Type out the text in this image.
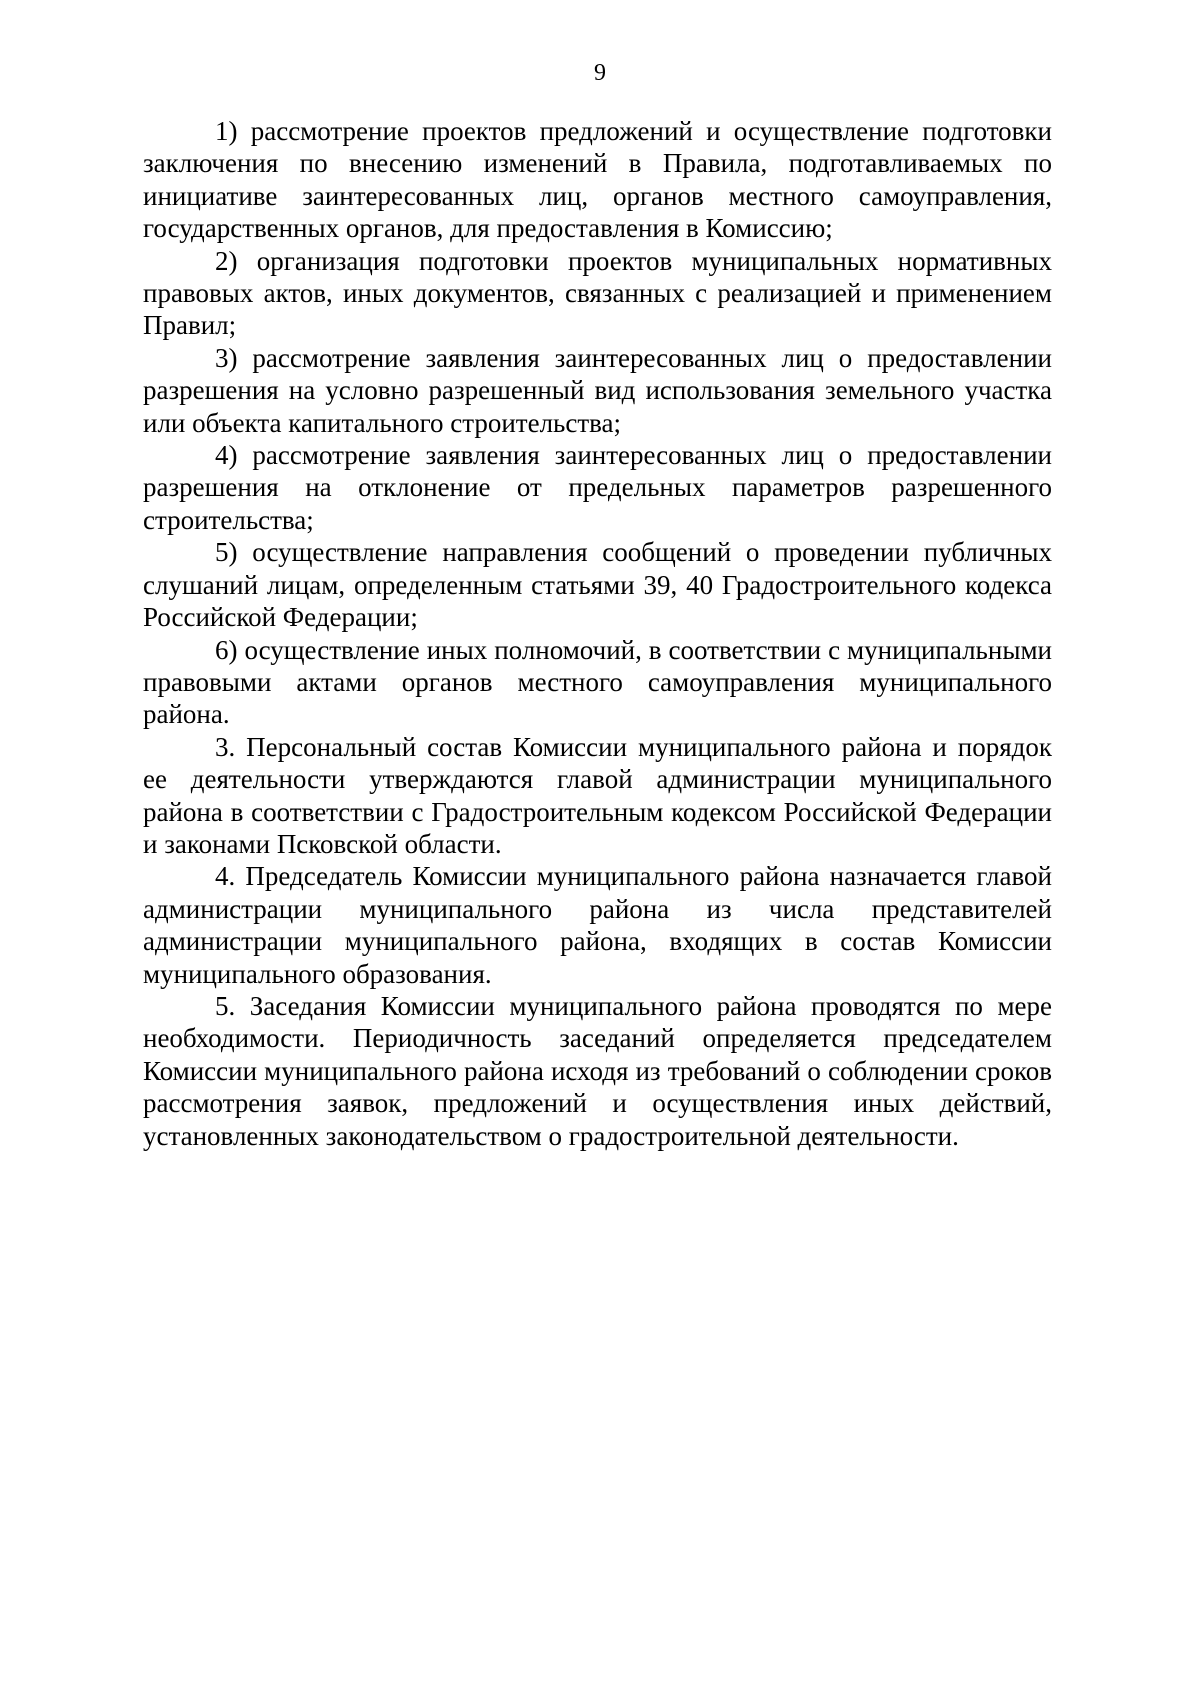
9

1) рассмотрение проектов предложений и осуществление подготовки заключения по внесению изменений в Правила, подготавливаемых по инициативе заинтересованных лиц, органов местного самоуправления, государственных органов, для предоставления в Комиссию;

2) организация подготовки проектов муниципальных нормативных правовых актов, иных документов, связанных с реализацией и применением Правил;

3) рассмотрение заявления заинтересованных лиц о предоставлении разрешения на условно разрешенный вид использования земельного участка или объекта капитального строительства;

4) рассмотрение заявления заинтересованных лиц о предоставлении разрешения на отклонение от предельных параметров разрешенного строительства;

5) осуществление направления сообщений о проведении публичных слушаний лицам, определенным статьями 39, 40 Градостроительного кодекса Российской Федерации;

6) осуществление иных полномочий, в соответствии с муниципальными правовыми актами органов местного самоуправления муниципального района.

3. Персональный состав Комиссии муниципального района и порядок ее деятельности утверждаются главой администрации муниципального района в соответствии с Градостроительным кодексом Российской Федерации и законами Псковской области.

4. Председатель Комиссии муниципального района назначается главой администрации муниципального района из числа представителей администрации муниципального района, входящих в состав Комиссии муниципального образования.

5. Заседания Комиссии муниципального района проводятся по мере необходимости. Периодичность заседаний определяется председателем Комиссии муниципального района исходя из требований о соблюдении сроков рассмотрения заявок, предложений и осуществления иных действий, установленных законодательством о градостроительной деятельности.
